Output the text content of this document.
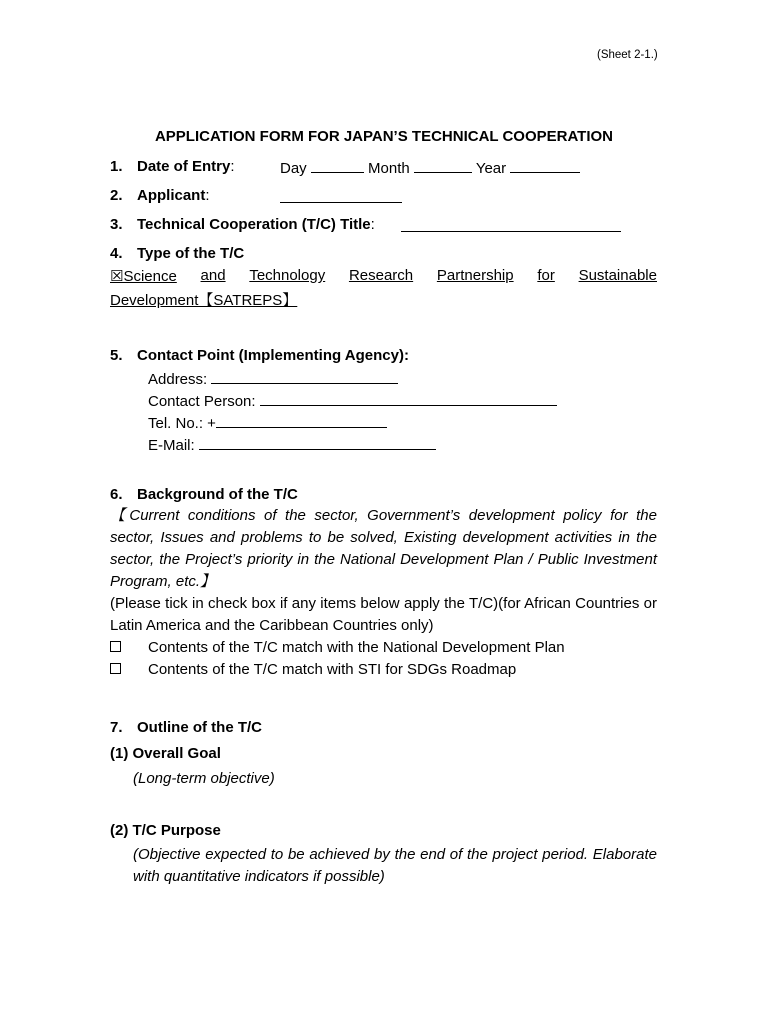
(Sheet 2-1.)
APPLICATION FORM FOR JAPAN’S TECHNICAL COOPERATION
1. Date of Entry:	Day	Month	Year
2. Applicant:
3. Technical Cooperation (T/C) Title:
4. Type of the T/C
☒Science and Technology Research Partnership for Sustainable
Development【SATREPS】
5. Contact Point (Implementing Agency):
Address:
Contact Person:
Tel. No.: +
E-Mail:
6. Background of the T/C
【Current conditions of the sector, Government’s development policy for the sector, Issues and problems to be solved, Existing development activities in the sector, the Project’s priority in the National Development Plan / Public Investment Program, etc.】
(Please tick in check box if any items below apply the T/C)(for African Countries or Latin America and the Caribbean Countries only)
Contents of the T/C match with the National Development Plan
Contents of the T/C match with STI for SDGs Roadmap
7. Outline of the T/C
(1) Overall Goal
(Long-term objective)
(2) T/C Purpose
(Objective expected to be achieved by the end of the project period. Elaborate with quantitative indicators if possible)
